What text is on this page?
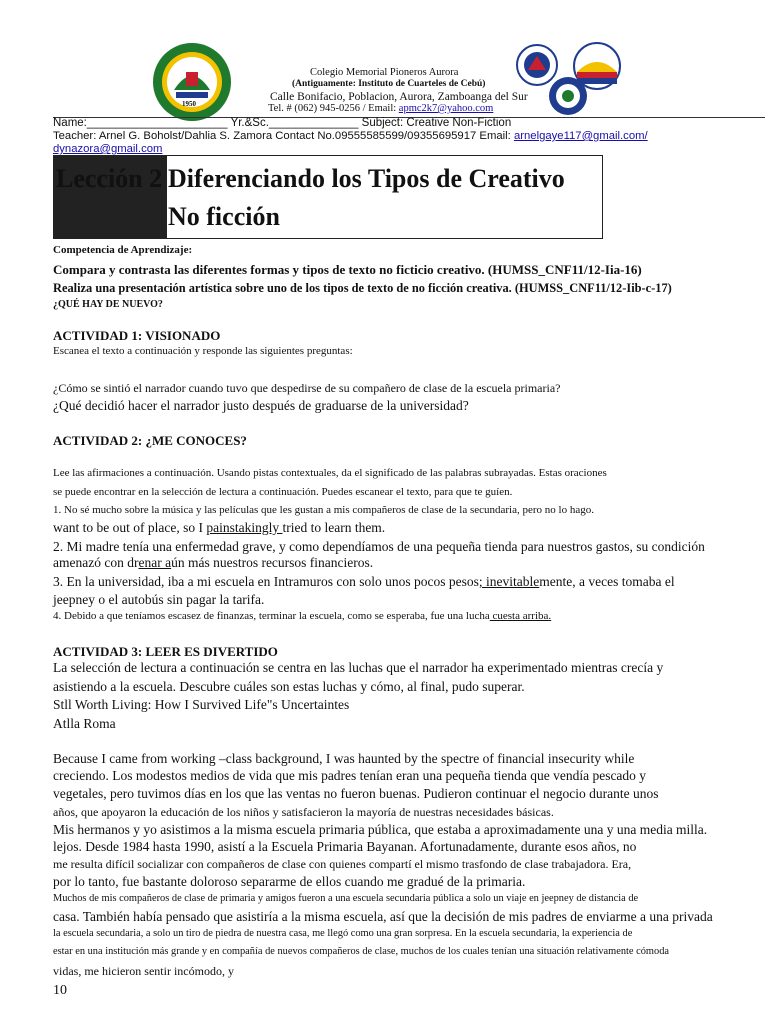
1950
Colegio Memorial Pioneros Aurora
(Antiguamente: Instituto de Cuarteles de Cebú)
Calle Bonifacio, Poblacion, Aurora, Zamboanga del Sur
Tel. # (062) 945-0256 / Email: apmc2k7@yahoo.com
Name:______________________ Yr.&Sc.______________ Subject: Creative Non-Fiction
Teacher: Arnel G. Boholst/Dahlia S. Zamora Contact No.09555585599/09355695917 Email: arnelgaye117@gmail.com/
dynazora@gmail.com
Lección 2 Diferenciando los Tipos de Creativo
No ficción
Competencia de Aprendizaje:
Compara y contrasta las diferentes formas y tipos de texto no ficticio creativo. (HUMSS_CNF11/12-Iia-16)
Realiza una presentación artística sobre uno de los tipos de texto de no ficción creativa. (HUMSS_CNF11/12-Iib-c-17)
¿QUÉ HAY DE NUEVO?
ACTIVIDAD 1: VISIONADO
Escanea el texto a continuación y responde las siguientes preguntas:
¿Cómo se sintió el narrador cuando tuvo que despedirse de su compañero de clase de la escuela primaria?
¿Qué decidió hacer el narrador justo después de graduarse de la universidad?
ACTIVIDAD 2: ¿ME CONOCES?
Lee las afirmaciones a continuación. Usando pistas contextuales, da el significado de las palabras subrayadas. Estas oraciones
se puede encontrar en la selección de lectura a continuación. Puedes escanear el texto, para que te guíen.
1. No sé mucho sobre la música y las películas que les gustan a mis compañeros de clase de la secundaria, pero no lo hago.
want to be out of place, so I painstakingly tried to learn them.
2. Mi madre tenía una enfermedad grave, y como dependíamos de una pequeña tienda para nuestros gastos, su condición
amenazó con drenar aún más nuestros recursos financieros.
3. En la universidad, iba a mi escuela en Intramuros con solo unos pocos pesos; inevitablemente, a veces tomaba el
jeepney o el autobús sin pagar la tarifa.
4. Debido a que teníamos escasez de finanzas, terminar la escuela, como se esperaba, fue una lucha cuesta arriba.
ACTIVIDAD 3: LEER ES DIVERTIDO
La selección de lectura a continuación se centra en las luchas que el narrador ha experimentado mientras crecía y
asistiendo a la escuela. Descubre cuáles son estas luchas y cómo, al final, pudo superar.
Stll Worth Living: How I Survived Life"s Uncertaintes
Atlla Roma
Because I came from working –class background, I was haunted by the spectre of financial insecurity while
creciendo. Los modestos medios de vida que mis padres tenían eran una pequeña tienda que vendía pescado y
vegetales, pero tuvimos días en los que las ventas no fueron buenas. Pudieron continuar el negocio durante unos
años, que apoyaron la educación de los niños y satisfacieron la mayoría de nuestras necesidades básicas.
Mis hermanos y yo asistimos a la misma escuela primaria pública, que estaba a aproximadamente una y una media milla.
lejos. Desde 1984 hasta 1990, asistí a la Escuela Primaria Bayanan. Afortunadamente, durante esos años, no
me resulta difícil socializar con compañeros de clase con quienes compartí el mismo trasfondo de clase trabajadora. Era,
por lo tanto, fue bastante doloroso separarme de ellos cuando me gradué de la primaria.
Muchos de mis compañeros de clase de primaria y amigos fueron a una escuela secundaria pública a solo un viaje en jeepney de distancia de
casa. También había pensado que asistiría a la misma escuela, así que la decisión de mis padres de enviarme a una privada
la escuela secundaria, a solo un tiro de piedra de nuestra casa, me llegó como una gran sorpresa. En la escuela secundaria, la experiencia de
estar en una institución más grande y en compañía de nuevos compañeros de clase, muchos de los cuales tenían una situación relativamente cómoda
vidas, me hicieron sentir incómodo, y
10
